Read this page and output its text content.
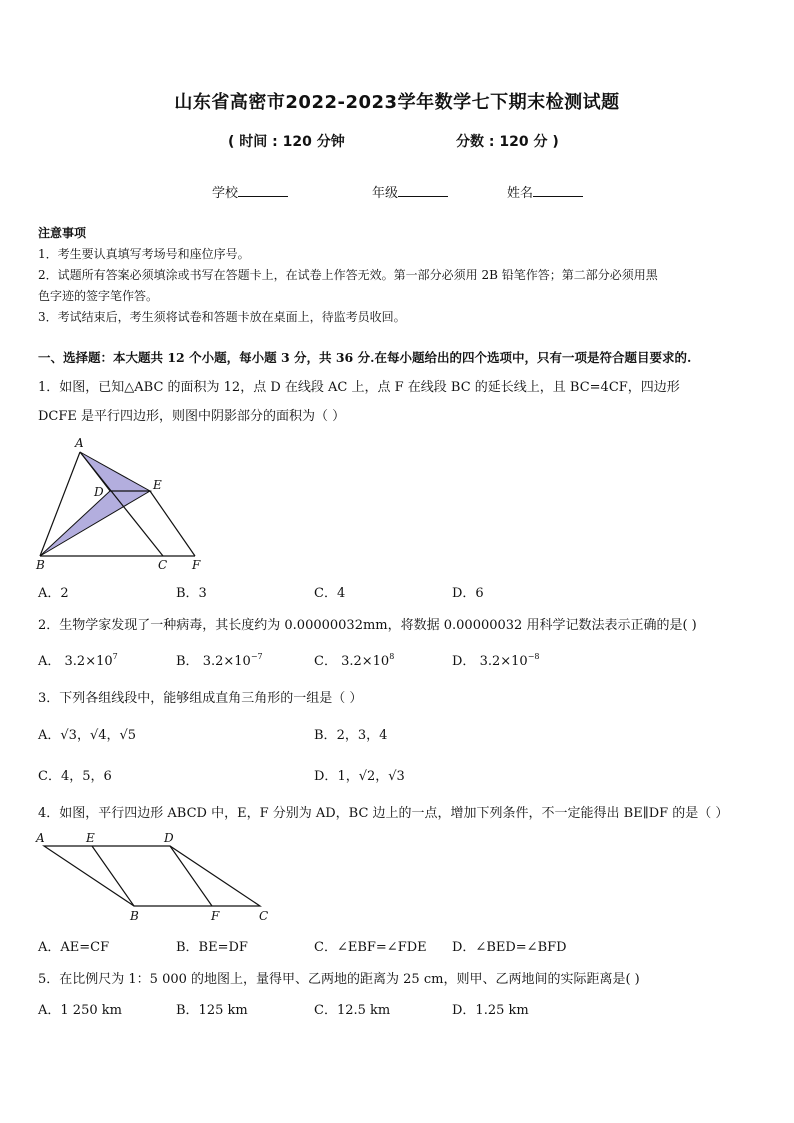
山东省高密市2022-2023学年数学七下期末检测试题
( 时间 : 120 分钟	分数 : 120 分 )
学校	年级	姓名
注意事项
1．考生要认真填写考场号和座位序号。
2．试题所有答案必须填涂或书写在答题卡上，在试卷上作答无效。第一部分必须用 2B 铅笔作答；第二部分必须用黑
色字迹的签字笔作答。
3．考试结束后，考生须将试卷和答题卡放在桌面上，待监考员收回。
一、选择题：本大题共 12 个小题，每小题 3 分，共 36 分.在每小题给出的四个选项中，只有一项是符合题目要求的.
1．如图，已知△ABC 的面积为 12，点 D 在线段 AC 上，点 F 在线段 BC 的延长线上，且 BC=4CF，四边形
DCFE 是平行四边形，则图中阴影部分的面积为（ ）
A
B	C
D	E
F
A．2	B．3	C．4	D．6
2．生物学家发现了一种病毒，其长度约为 0.00000032mm，将数据 0.00000032 用科学记数法表示正确的是( )
A． $3.2\times 10^7$	B． $3.2\times 10^{-7}$	C． $3.2\times 10^8$	D． $3.2\times 10^{-8}$
3．下列各组线段中，能够组成直角三角形的一组是（ ）
A．√3，√4，√5	B．2，3，4
C．4，5，6	D．1，√2，√3
4．如图，平行四边形 ABCD 中，E，F 分别为 AD，BC 边上的一点，增加下列条件，不一定能得出 BE∥DF 的是（ ）
A	E	D
B	F	C
A．AE=CF	B．BE=DF	C．∠EBF=∠FDE D．∠BED=∠BFD
5．在比例尺为 1：5 000 的地图上，量得甲、乙两地的距离为 25 cm，则甲、乙两地间的实际距离是( )
A．1 250 km	B．125 km	C．12.5 km	D．1.25 km
